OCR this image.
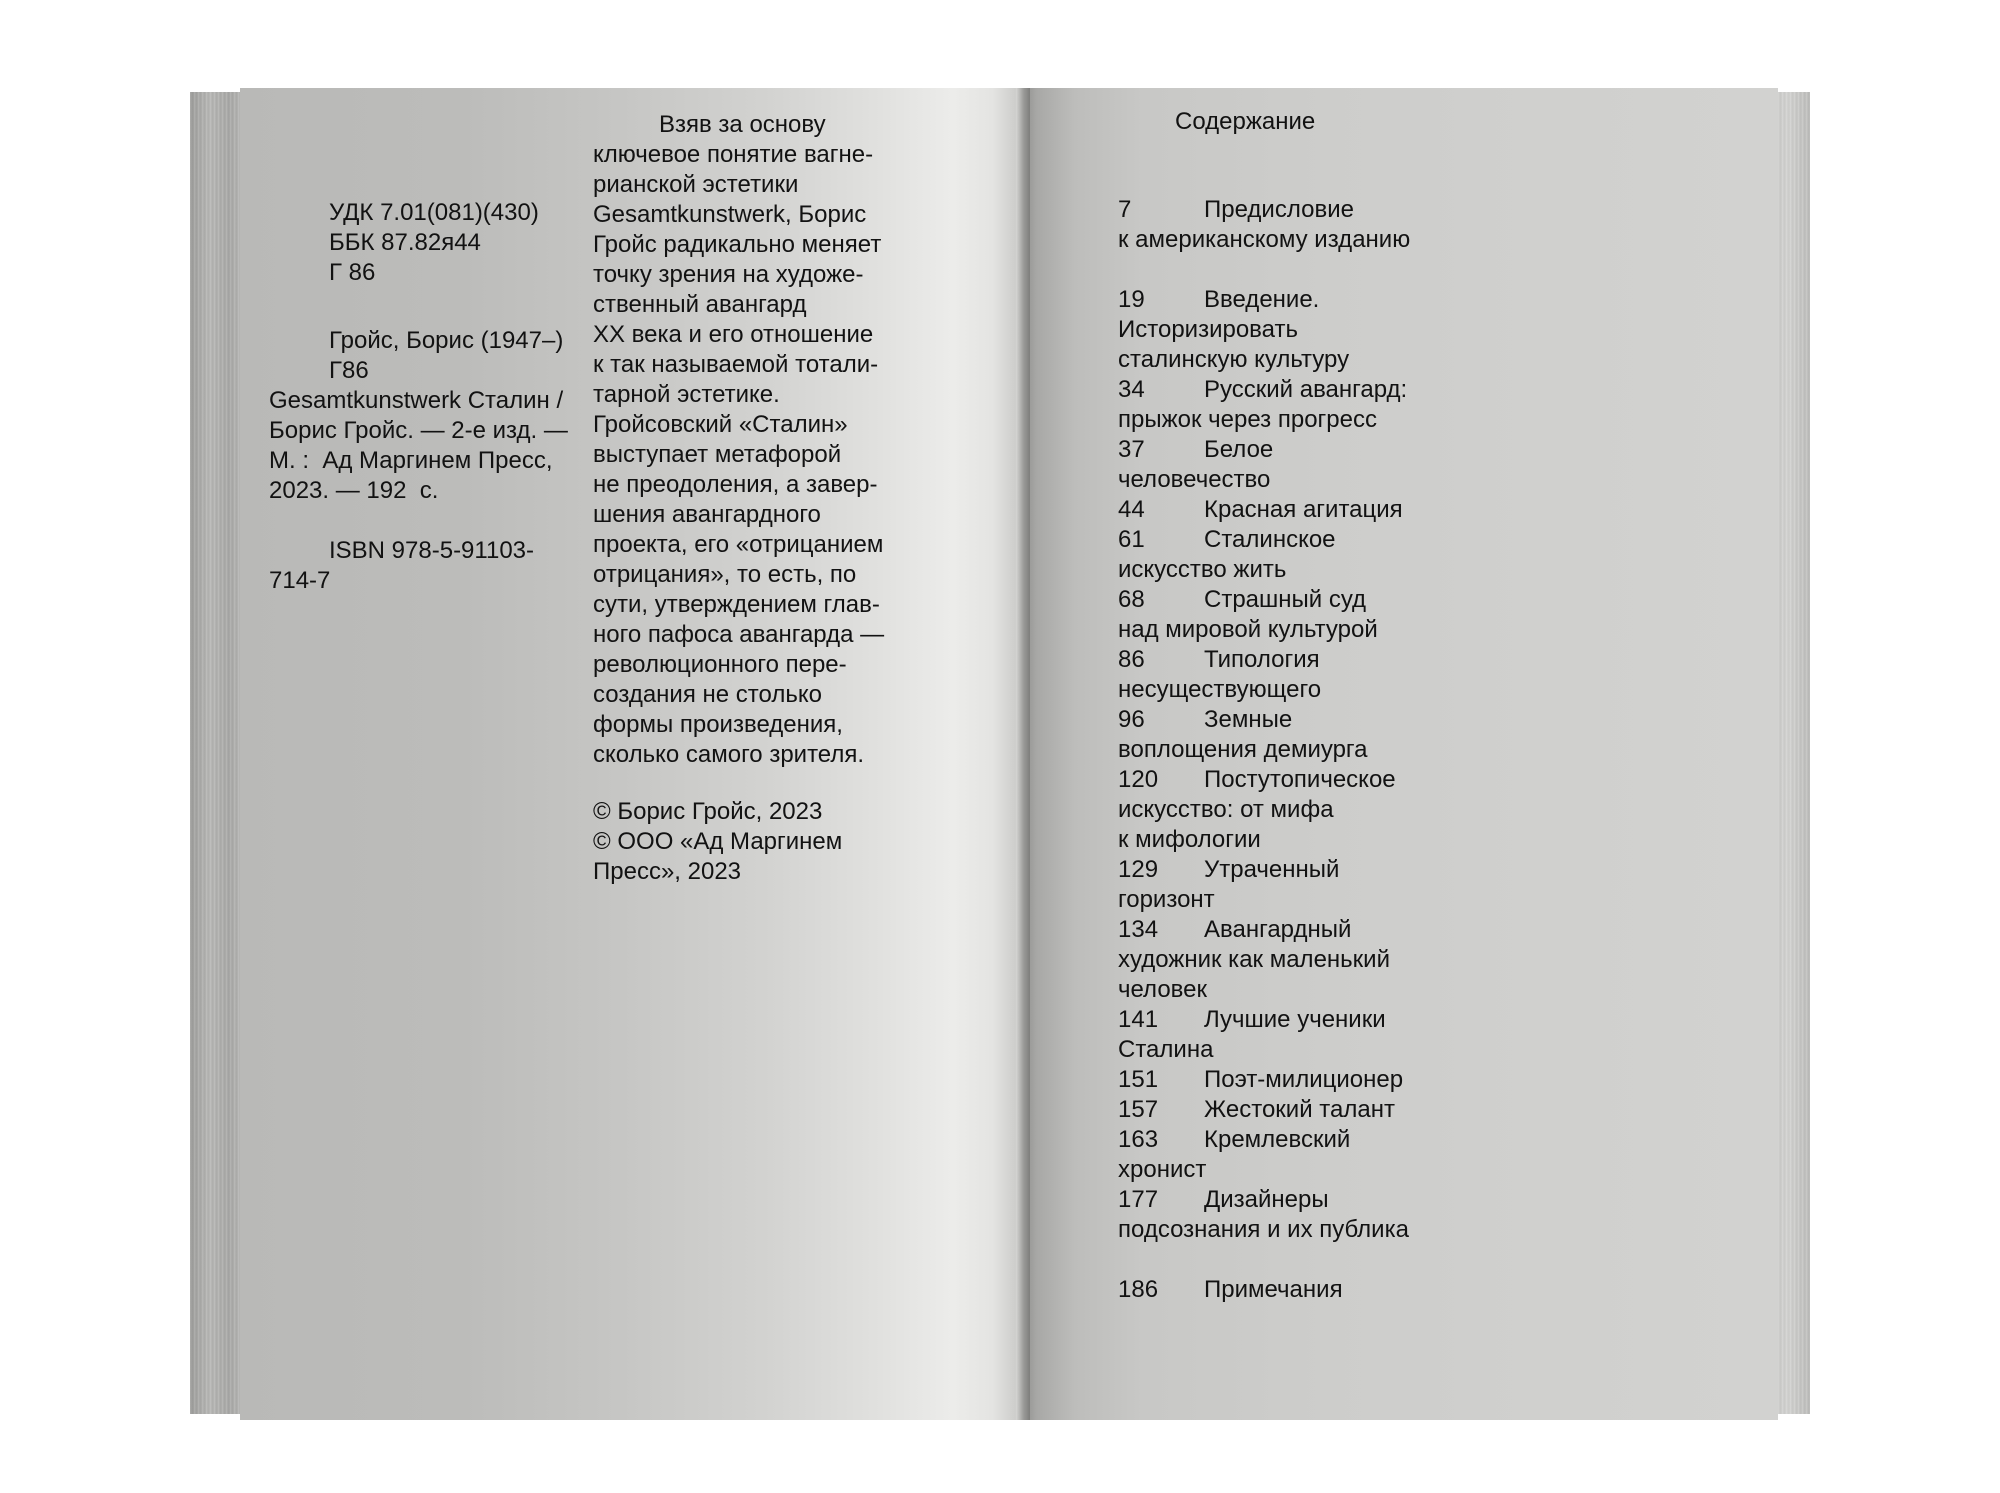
УДК 7.01(081)(430)
ББК 87.82я44
Г 86
Гройс, Борис (1947–)
Г86
Gesamtkunstwerk Сталин /
Борис Гройс. — 2-е изд. —
М. :  Ад Маргинем Пресс,
2023. — 192  с.
ISBN 978-5-91103-
714-7
Взяв за основу
ключевое понятие вагне-
рианской эстетики
Gesamtkunstwerk, Борис
Гройс радикально меняет
точку зрения на художе-
ственный авангард
XX века и его отношение
к так называемой тотали-
тарной эстетике.
Гройсовский «Сталин»
выступает метафорой
не преодоления, а завер-
шения авангардного
проекта, его «отрицанием
отрицания», то есть, по
сути, утверждением глав-
ного пафоса авангарда —
революционного пере-
создания не столько
формы произведения,
сколько самого зрителя.
© Борис Гройс, 2023
© ООО «Ад Маргинем
Пресс», 2023
Содержание
7	Предисловие
к американскому изданию
19 Введение.
Историзировать
сталинскую культуру
34 Русский авангард:
прыжок через прогресс
37 Белое
человечество
44 Красная агитация
61 Сталинское
искусство жить
68 Страшный суд
над мировой культурой
86 Типология
несуществующего
96 Земные
воплощения демиурга
120 Постутопическое
искусство: от мифа
к мифологии
129 Утраченный
горизонт
134 Авангардный
художник как маленький
человек
141 Лучшие ученики
Сталина
151 Поэт-милиционер
157 Жестокий талант
163 Кремлевский
хронист
177 Дизайнеры
подсознания и их публика
186 Примечания
